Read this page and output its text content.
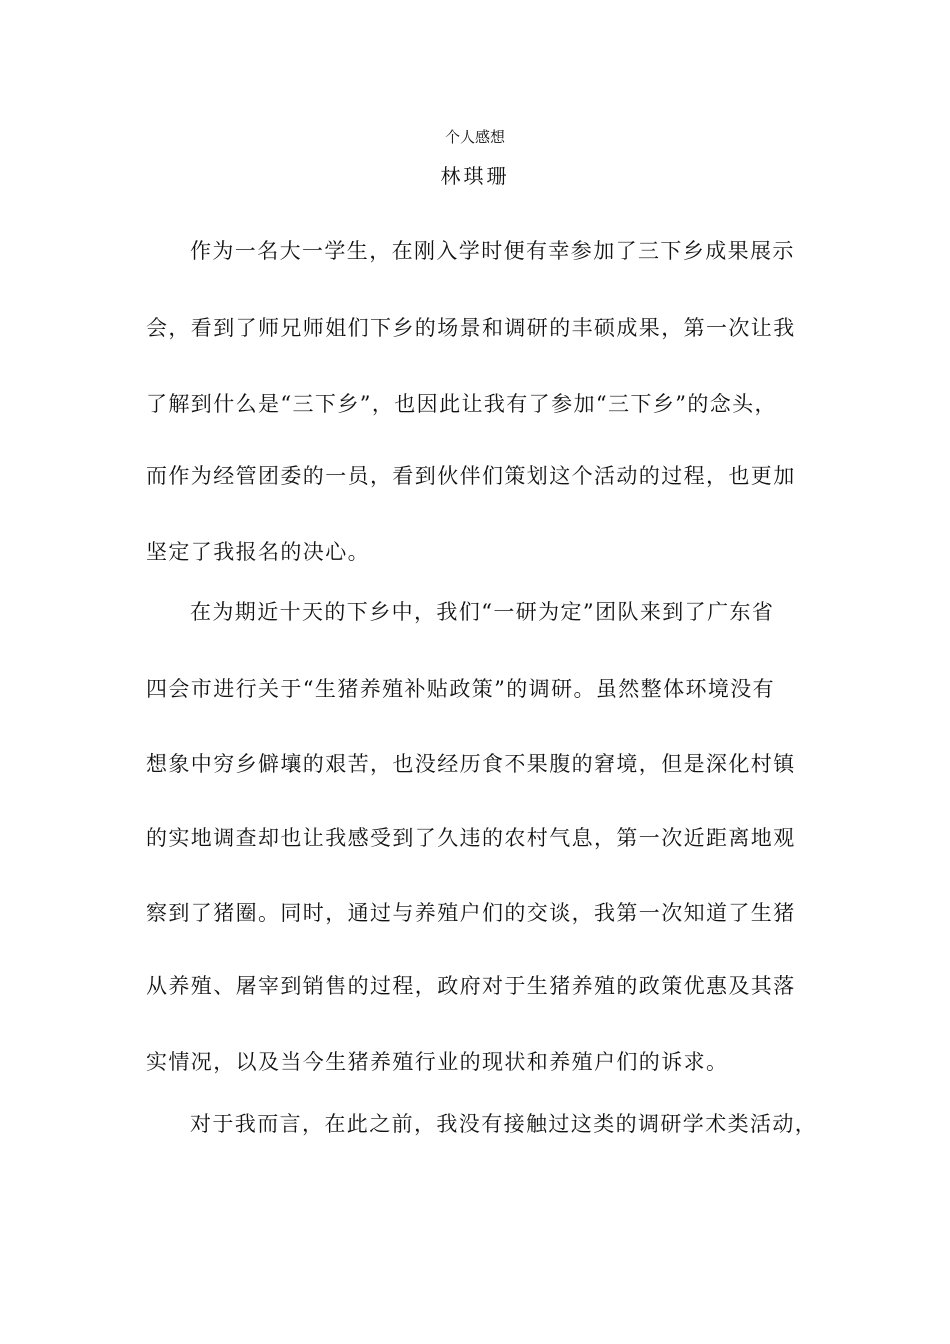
个人感想
林琪珊
作为一名大一学生，在刚入学时便有幸参加了三下乡成果展示
会，看到了师兄师姐们下乡的场景和调研的丰硕成果，第一次让我
了解到什么是“三下乡”，也因此让我有了参加“三下乡”的念头，
而作为经管团委的一员，看到伙伴们策划这个活动的过程，也更加
坚定了我报名的决心。
在为期近十天的下乡中，我们“一研为定”团队来到了广东省
四会市进行关于“生猪养殖补贴政策”的调研。虽然整体环境没有
想象中穷乡僻壤的艰苦，也没经历食不果腹的窘境，但是深化村镇
的实地调查却也让我感受到了久违的农村气息，第一次近距离地观
察到了猪圈。同时，通过与养殖户们的交谈，我第一次知道了生猪
从养殖、屠宰到销售的过程，政府对于生猪养殖的政策优惠及其落
实情况，以及当今生猪养殖行业的现状和养殖户们的诉求。
对于我而言，在此之前，我没有接触过这类的调研学术类活动，
